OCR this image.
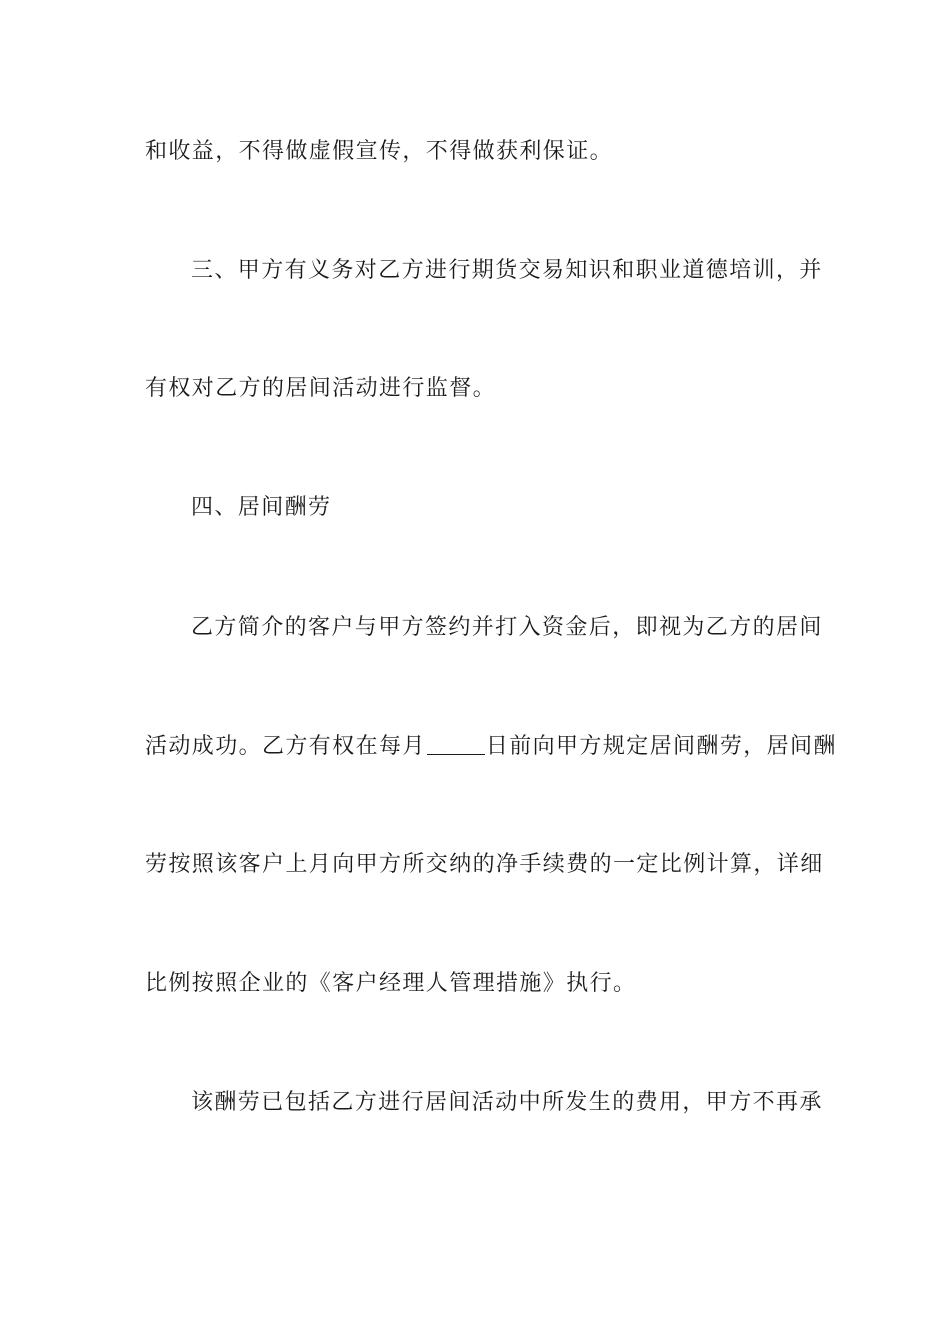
和收益，不得做虚假宣传，不得做获利保证。
三、甲方有义务对乙方进行期货交易知识和职业道德培训，并
有权对乙方的居间活动进行监督。
四、居间酬劳
乙方简介的客户与甲方签约并打入资金后，即视为乙方的居间
活动成功。乙方有权在每月	日前向甲方规定居间酬劳，居间酬
劳按照该客户上月向甲方所交纳的净手续费的一定比例计算，详细
比例按照企业的《客户经理人管理措施》执行。
该酬劳已包括乙方进行居间活动中所发生的费用，甲方不再承
